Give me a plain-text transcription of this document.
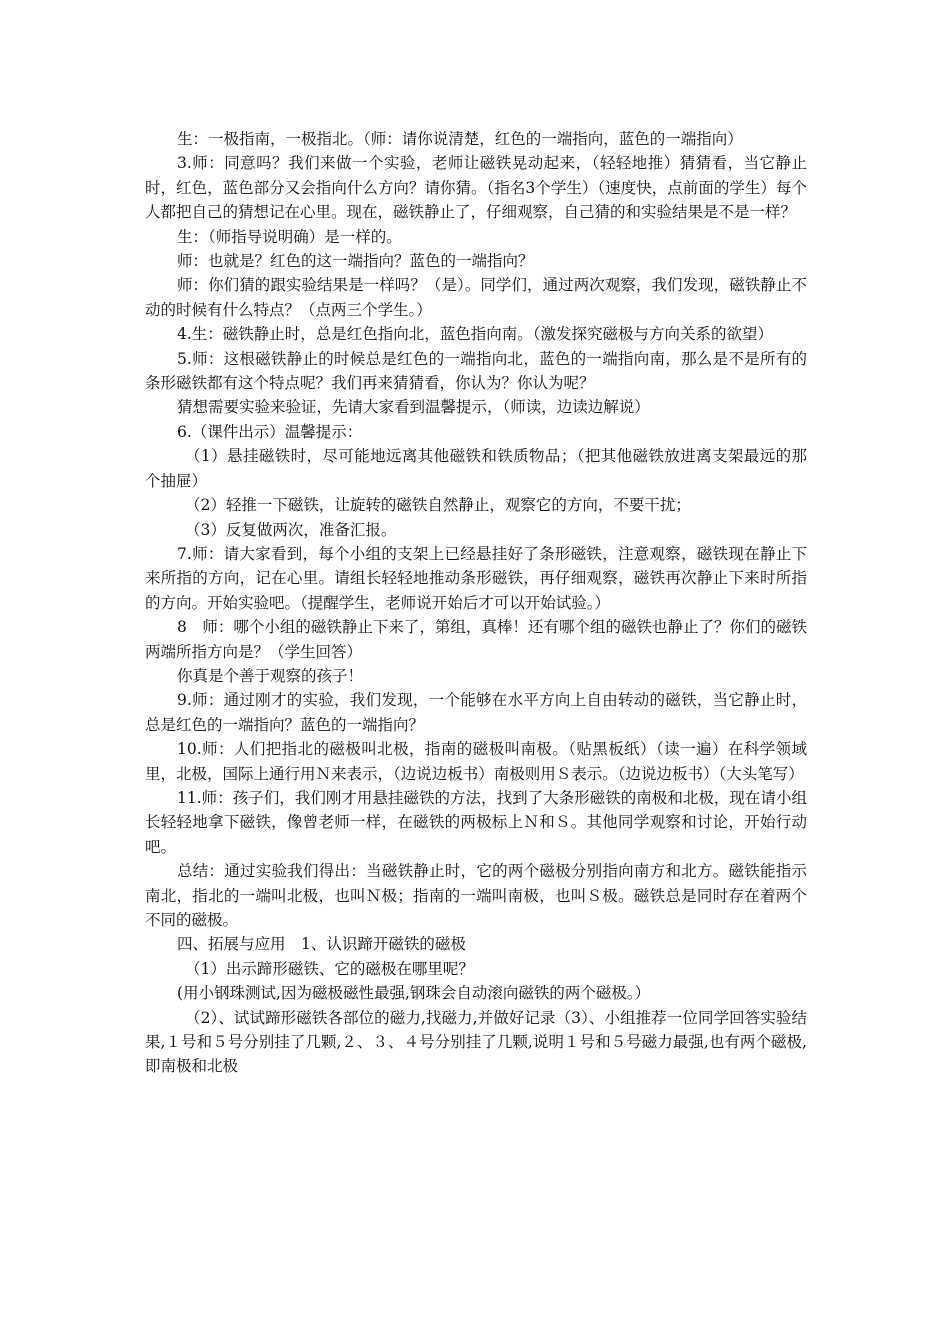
生：一极指南，一极指北。（师：请你说清楚，红色的一端指向，蓝色的一端指向）

3.师：同意吗？我们来做一个实验，老师让磁铁晃动起来，（轻轻地推）猜猜看，当它静止时，红色，蓝色部分又会指向什么方向？请你猜。（指名3个学生）（速度快，点前面的学生）每个人都把自己的猜想记在心里。现在，磁铁静止了，仔细观察，自己猜的和实验结果是不是一样？

生：（师指导说明确）是一样的。

师：也就是？红色的这一端指向？蓝色的一端指向？

师：你们猜的跟实验结果是一样吗？（是）。同学们，通过两次观察，我们发现，磁铁静止不动的时候有什么特点？（点两三个学生。）

4.生：磁铁静止时，总是红色指向北，蓝色指向南。（激发探究磁极与方向关系的欲望）

5.师：这根磁铁静止的时候总是红色的一端指向北，蓝色的一端指向南，那么是不是所有的条形磁铁都有这个特点呢？我们再来猜猜看，你认为？你认为呢？

猜想需要实验来验证，先请大家看到温馨提示，（师读，边读边解说）

6.（课件出示）温馨提示：

（1）悬挂磁铁时，尽可能地远离其他磁铁和铁质物品；（把其他磁铁放进离支架最远的那个抽屉）

（2）轻推一下磁铁，让旋转的磁铁自然静止，观察它的方向，不要干扰；

（3）反复做两次，准备汇报。

7.师：请大家看到，每个小组的支架上已经悬挂好了条形磁铁，注意观察，磁铁现在静止下来所指的方向，记在心里。请组长轻轻地推动条形磁铁，再仔细观察，磁铁再次静止下来时所指的方向。开始实验吧。（提醒学生，老师说开始后才可以开始试验。）

8　师：哪个小组的磁铁静止下来了，第组，真棒！还有哪个组的磁铁也静止了？你们的磁铁两端所指方向是？（学生回答）

你真是个善于观察的孩子！

9.师：通过刚才的实验，我们发现，一个能够在水平方向上自由转动的磁铁，当它静止时，总是红色的一端指向？蓝色的一端指向？

10.师：人们把指北的磁极叫北极，指南的磁极叫南极。（贴黑板纸）（读一遍）在科学领域里，北极，国际上通行用Ｎ来表示，（边说边板书）南极则用Ｓ表示。（边说边板书）（大头笔写）

11.师：孩子们，我们刚才用悬挂磁铁的方法，找到了大条形磁铁的南极和北极，现在请小组长轻轻地拿下磁铁，像曾老师一样，在磁铁的两极标上Ｎ和Ｓ。其他同学观察和讨论，开始行动吧。

总结：通过实验我们得出：当磁铁静止时，它的两个磁极分别指向南方和北方。磁铁能指示南北，指北的一端叫北极，也叫Ｎ极；指南的一端叫南极，也叫Ｓ极。磁铁总是同时存在着两个不同的磁极。

四、拓展与应用　1、认识蹄开磁铁的磁极

（1）出示蹄形磁铁、它的磁极在哪里呢？

(用小钢珠测试,因为磁极磁性最强,钢珠会自动滚向磁铁的两个磁极。）

（2）、试试蹄形磁铁各部位的磁力,找磁力,并做好记录（3）、小组推荐一位同学回答实验结果,１号和５号分别挂了几颗,２、３、４号分别挂了几颗,说明１号和５号磁力最强,也有两个磁极,即南极和北极
